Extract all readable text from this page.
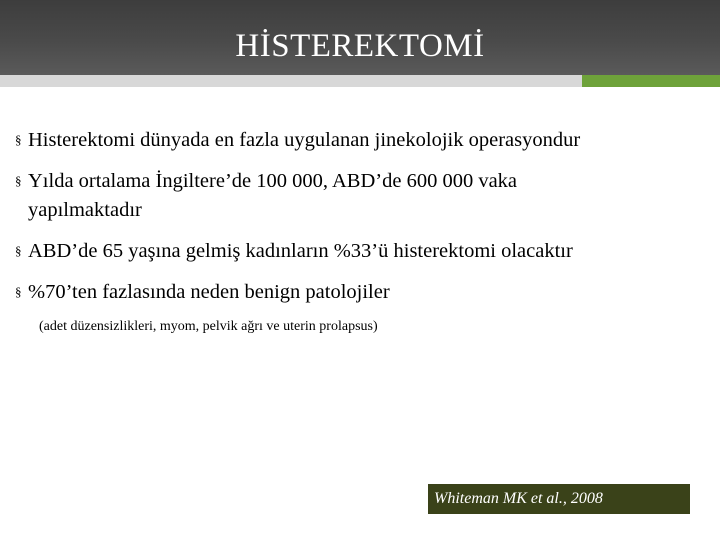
HİSTEREKTOMİ
§ Histerektomi dünyada en fazla uygulanan jinekolojik operasyondur
§ Yılda ortalama İngiltere’de 100 000, ABD’de 600 000 vaka
yapılmaktadır
§ ABD’de 65 yaşına gelmiş kadınların %33’ü histerektomi olacaktır
§ %70’ten fazlasında neden benign patolojiler
(adet düzensizlikleri, myom, pelvik ağrı ve uterin prolapsus)
Whiteman MK et al., 2008
